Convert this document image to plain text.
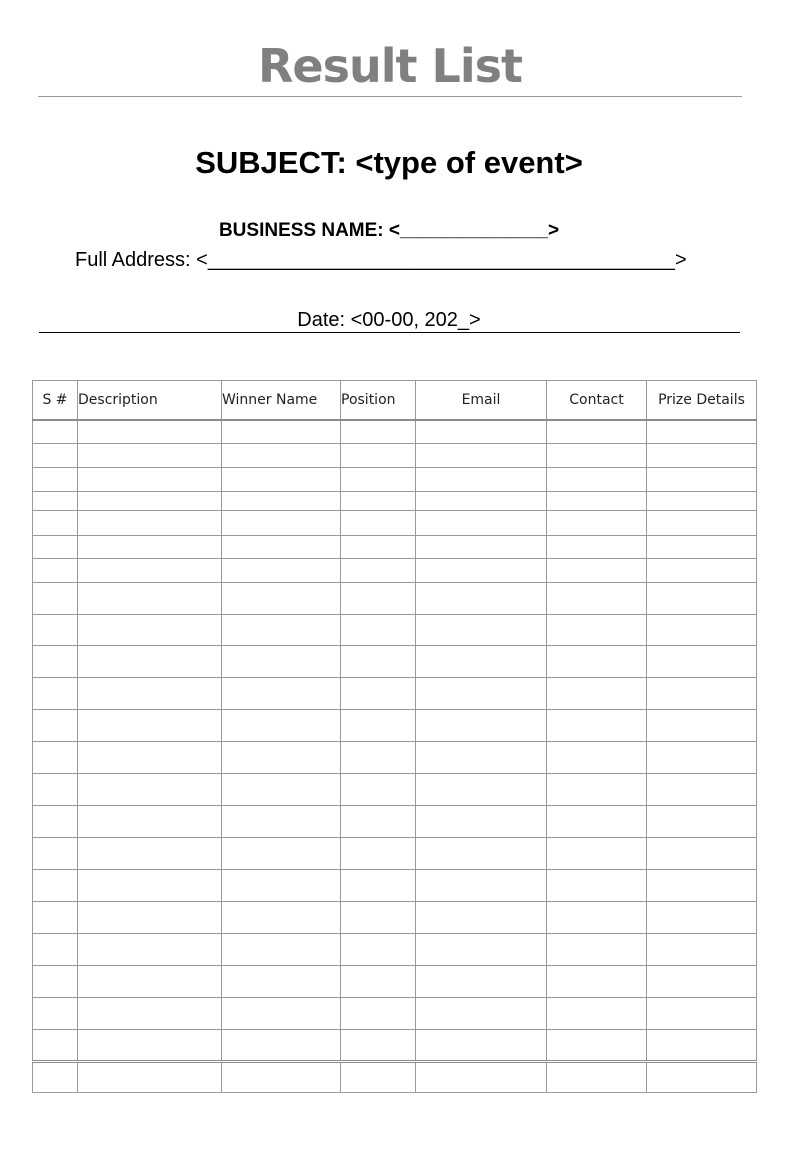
Result List
SUBJECT: <type of event>
BUSINESS NAME: <______________>
Full Address: <__________________________________________>
Date: <00-00, 202_>
S #	Description	Winner Name	Position	Email	Contact	Prize Details
